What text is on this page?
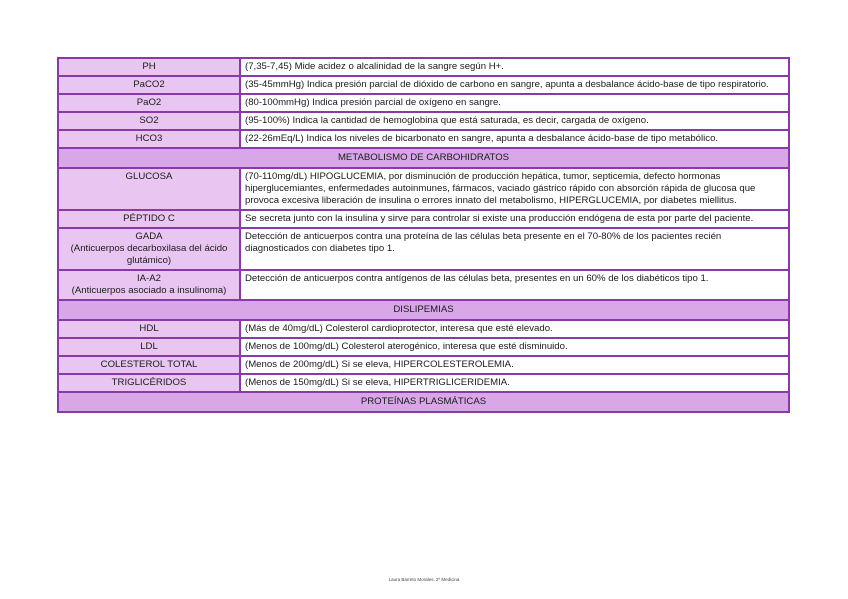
PH	(7,35-7,45) Mide acidez o alcalinidad de la sangre según H+.

PaCO2	(35-45mmHg) Indica presión parcial de dióxido de carbono en sangre, apunta a desbalance ácido-base de tipo respiratorio.

PaO2	(80-100mmHg) Indica presión parcial de oxígeno en sangre.

SO2	(95-100%) Indica la cantidad de hemoglobina que está saturada, es decir, cargada de oxígeno.

HCO3	(22-26mEq/L) Indica los niveles de bicarbonato en sangre, apunta a desbalance ácido-base de tipo metabólico.
METABOLISMO DE CARBOHIDRATOS	

GLUCOSA	(70-110mg/dL) HIPOGLUCEMIA, por disminución de producción hepática, tumor, septicemia, defecto hormonas hiperglucemiantes, enfermedades autoinmunes, fármacos, vaciado gástrico rápido con absorción rápida de glucosa que provoca excesiva liberación de insulina o errores innato del metabolismo, HIPERGLUCEMIA, por diabetes miellitus.

PÉPTIDO C	Se secreta junto con la insulina y sirve para controlar si existe una producción endógena de esta por parte del paciente.

GADA
(Anticuerpos decarboxilasa del ácido glutámico)	Detección de anticuerpos contra una proteína de las células beta presente en el 70-80% de los pacientes recién diagnosticados con diabetes tipo 1.

IA-A2
(Anticuerpos asociado a insulinoma)	Detección de anticuerpos contra antígenos de las células beta, presentes en un 60% de los diabéticos tipo 1.
DISLIPEMIAS	

HDL	(Más de 40mg/dL) Colesterol cardioprotector, interesa que esté elevado.

LDL	(Menos de 100mg/dL) Colesterol aterogénico, interesa que esté disminuido.

COLESTEROL TOTAL	(Menos de 200mg/dL) Si se eleva, HIPERCOLESTEROLEMIA.

TRIGLICÉRIDOS	(Menos de 150mg/dL) Si se eleva, HIPERTRIGLICERIDEMIA.
PROTEÍNAS PLASMÁTICAS	
Laura Barreto Morales, 2º Medicina
